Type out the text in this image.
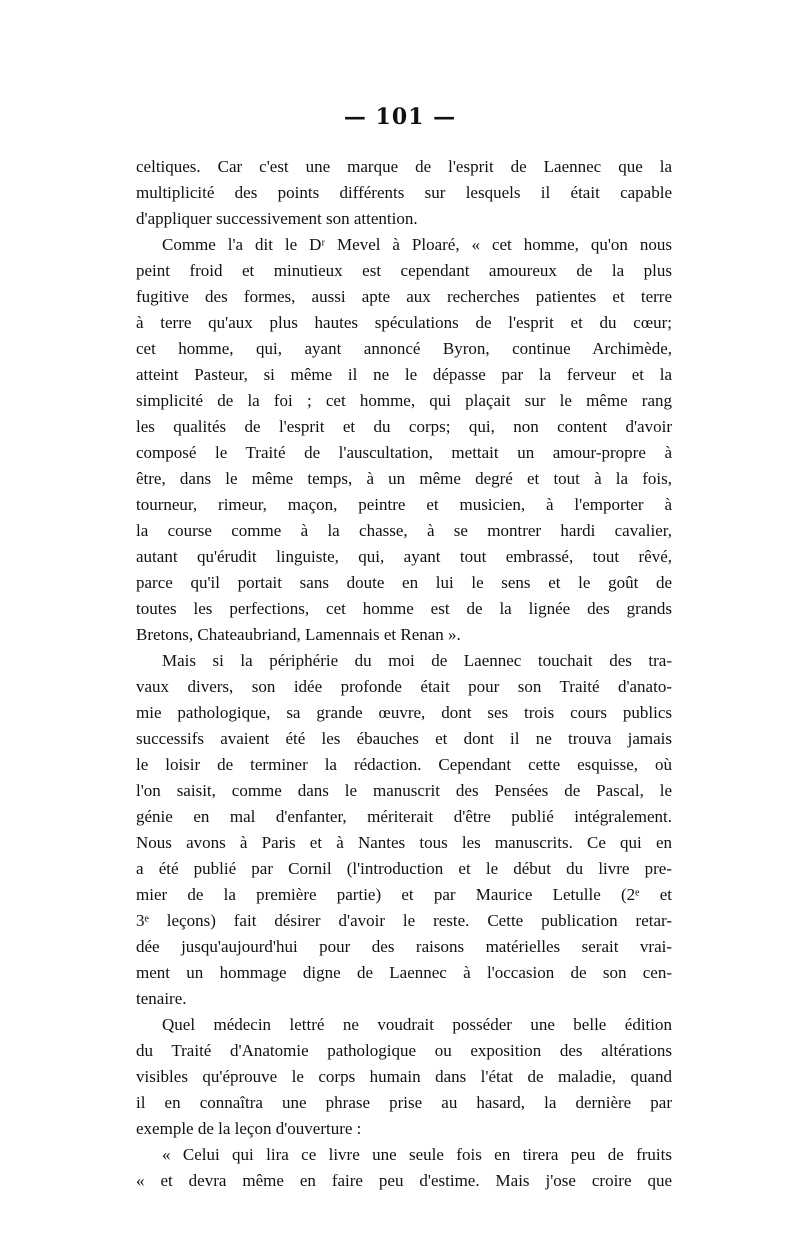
— 101 —
celtiques. Car c'est une marque de l'esprit de Laennec que la
multiplicité des points différents sur lesquels il était capable
d'appliquer successivement son attention.
Comme l'a dit le Dʳ Mevel à Ploaré, « cet homme, qu'on nous
peint froid et minutieux est cependant amoureux de la plus
fugitive des formes, aussi apte aux recherches patientes et terre
à terre qu'aux plus hautes spéculations de l'esprit et du cœur;
cet homme, qui, ayant annoncé Byron, continue Archimède,
atteint Pasteur, si même il ne le dépasse par la ferveur et la
simplicité de la foi ; cet homme, qui plaçait sur le même rang
les qualités de l'esprit et du corps; qui, non content d'avoir
composé le Traité de l'auscultation, mettait un amour-propre à
être, dans le même temps, à un même degré et tout à la fois,
tourneur, rimeur, maçon, peintre et musicien, à l'emporter à
la course comme à la chasse, à se montrer hardi cavalier,
autant qu'érudit linguiste, qui, ayant tout embrassé, tout rêvé,
parce qu'il portait sans doute en lui le sens et le goût de
toutes les perfections, cet homme est de la lignée des grands
Bretons, Chateaubriand, Lamennais et Renan ».
Mais si la périphérie du moi de Laennec touchait des tra-
vaux divers, son idée profonde était pour son Traité d'anato-
mie pathologique, sa grande œuvre, dont ses trois cours publics
successifs avaient été les ébauches et dont il ne trouva jamais
le loisir de terminer la rédaction. Cependant cette esquisse, où
l'on saisit, comme dans le manuscrit des Pensées de Pascal, le
génie en mal d'enfanter, mériterait d'être publié intégralement.
Nous avons à Paris et à Nantes tous les manuscrits. Ce qui en
a été publié par Cornil (l'introduction et le début du livre pre-
mier de la première partie) et par Maurice Letulle (2ᵉ et
3ᵉ leçons) fait désirer d'avoir le reste. Cette publication retar-
dée jusqu'aujourd'hui pour des raisons matérielles serait vrai-
ment un hommage digne de Laennec à l'occasion de son cen-
tenaire.
Quel médecin lettré ne voudrait posséder une belle édition
du Traité d'Anatomie pathologique ou exposition des altérations
visibles qu'éprouve le corps humain dans l'état de maladie, quand
il en connaîtra une phrase prise au hasard, la dernière par
exemple de la leçon d'ouverture :
« Celui qui lira ce livre une seule fois en tirera peu de fruits
« et devra même en faire peu d'estime. Mais j'ose croire que
